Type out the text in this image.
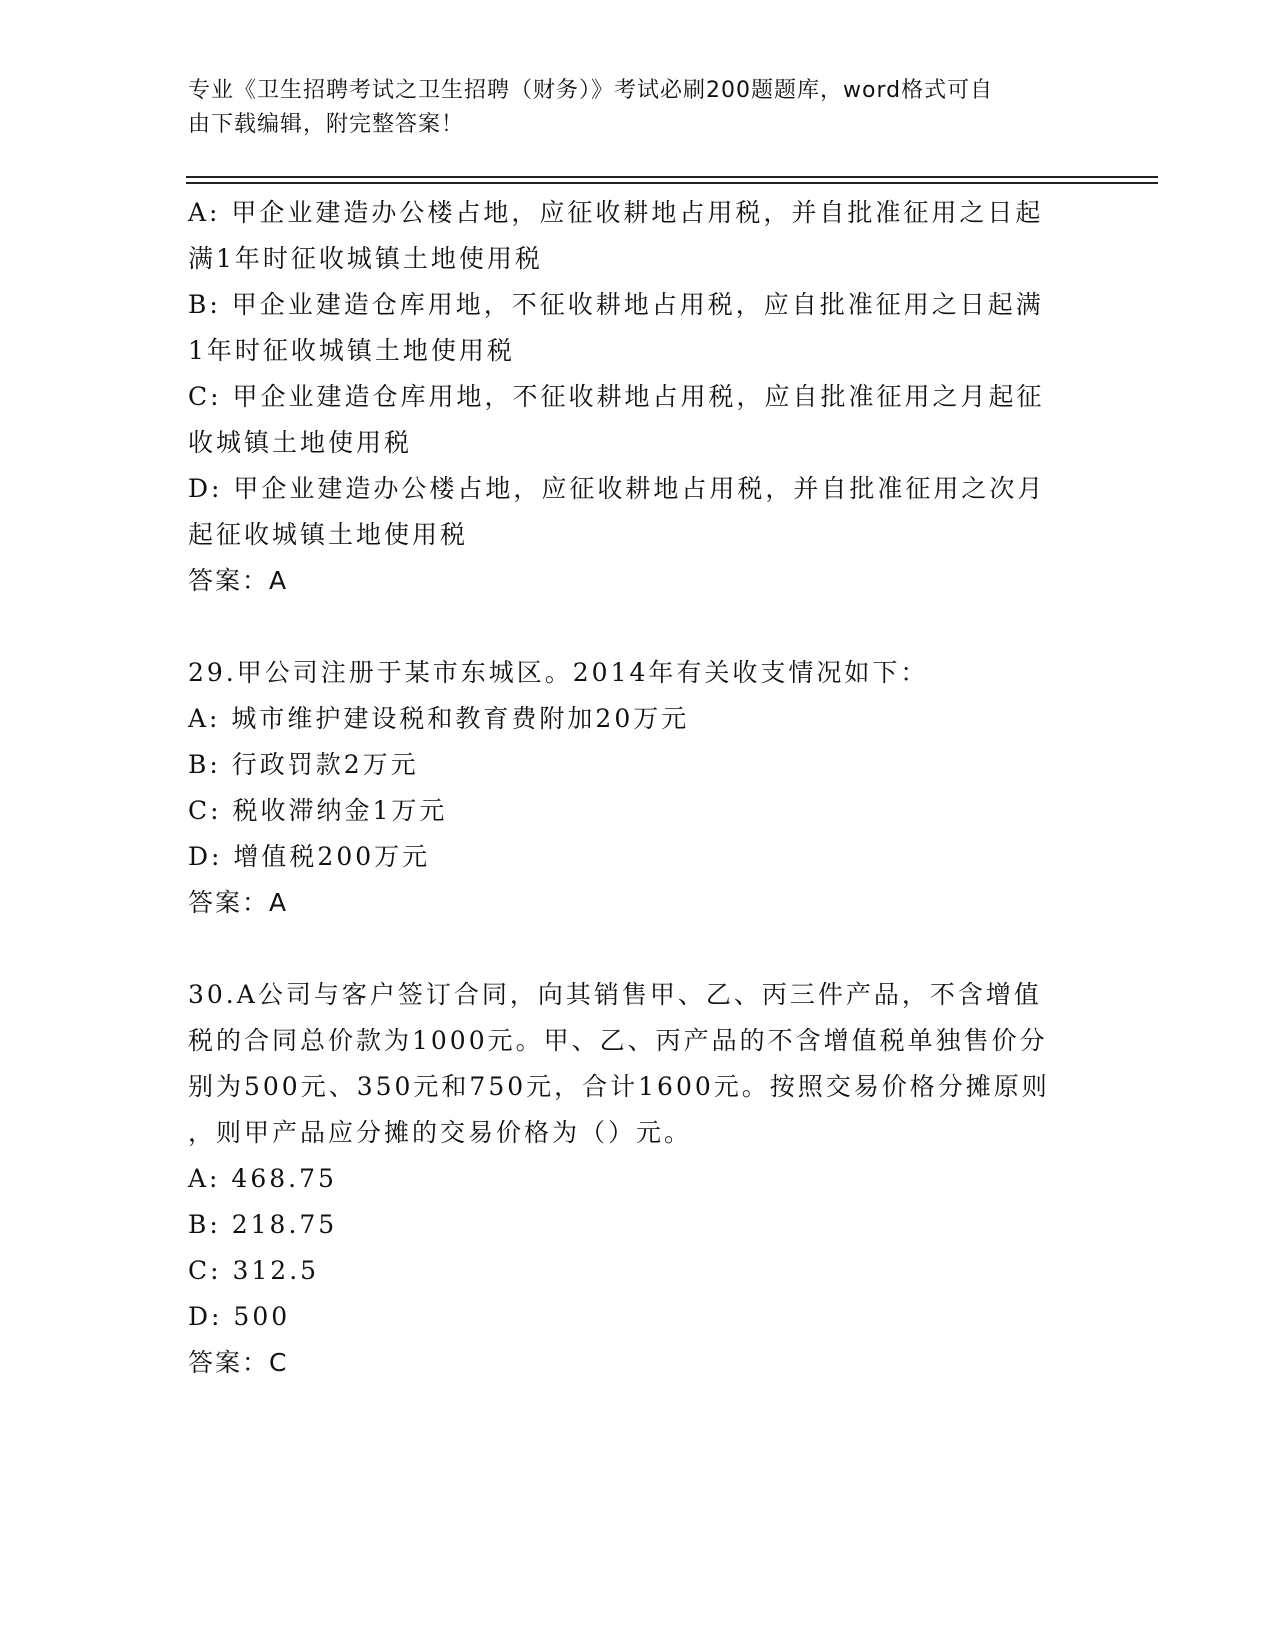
专业《卫生招聘考试之卫生招聘（财务）》考试必刷200题题库，word格式可自
由下载编辑，附完整答案！
A: 甲企业建造办公楼占地，应征收耕地占用税，并自批准征用之日起
满1年时征收城镇土地使用税
B: 甲企业建造仓库用地，不征收耕地占用税，应自批准征用之日起满
1年时征收城镇土地使用税
C: 甲企业建造仓库用地，不征收耕地占用税，应自批准征用之月起征
收城镇土地使用税
D: 甲企业建造办公楼占地，应征收耕地占用税，并自批准征用之次月
起征收城镇土地使用税
答案：A
29.甲公司注册于某市东城区。2014年有关收支情况如下：
A: 城市维护建设税和教育费附加20万元
B: 行政罚款2万元
C: 税收滞纳金1万元
D: 增值税200万元
答案：A
30.A公司与客户签订合同，向其销售甲、乙、丙三件产品，不含增值
税的合同总价款为1000元。甲、乙、丙产品的不含增值税单独售价分
别为500元、350元和750元，合计1600元。按照交易价格分摊原则
，则甲产品应分摊的交易价格为（）元。
A: 468.75
B: 218.75
C: 312.5
D: 500
答案：C
